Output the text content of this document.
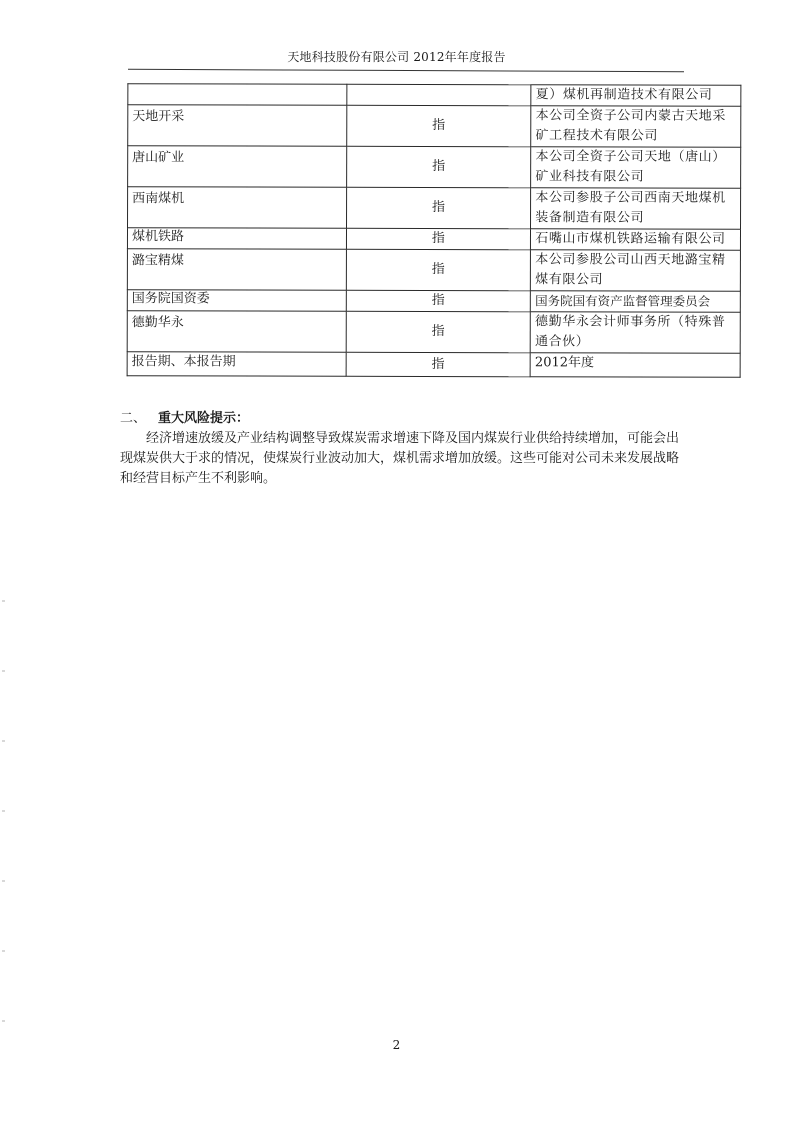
天地科技股份有限公司 2012年年度报告
		夏）煤机再制造技术有限公司
天地开采	指	本公司全资子公司内蒙古天地采矿工程技术有限公司
唐山矿业	指	本公司全资子公司天地（唐山）矿业科技有限公司
西南煤机	指	本公司参股子公司西南天地煤机装备制造有限公司
煤机铁路	指	石嘴山市煤机铁路运输有限公司
潞宝精煤	指	本公司参股公司山西天地潞宝精煤有限公司
国务院国资委	指	国务院国有资产监督管理委员会
德勤华永	指	德勤华永会计师事务所（特殊普通合伙）
报告期、本报告期	指	2012年度
二、 重大风险提示：

经济增速放缓及产业结构调整导致煤炭需求增速下降及国内煤炭行业供给持续增加，可能会出现煤炭供大于求的情况，使煤炭行业波动加大，煤机需求增加放缓。这些可能对公司未来发展战略和经营目标产生不利影响。

2
